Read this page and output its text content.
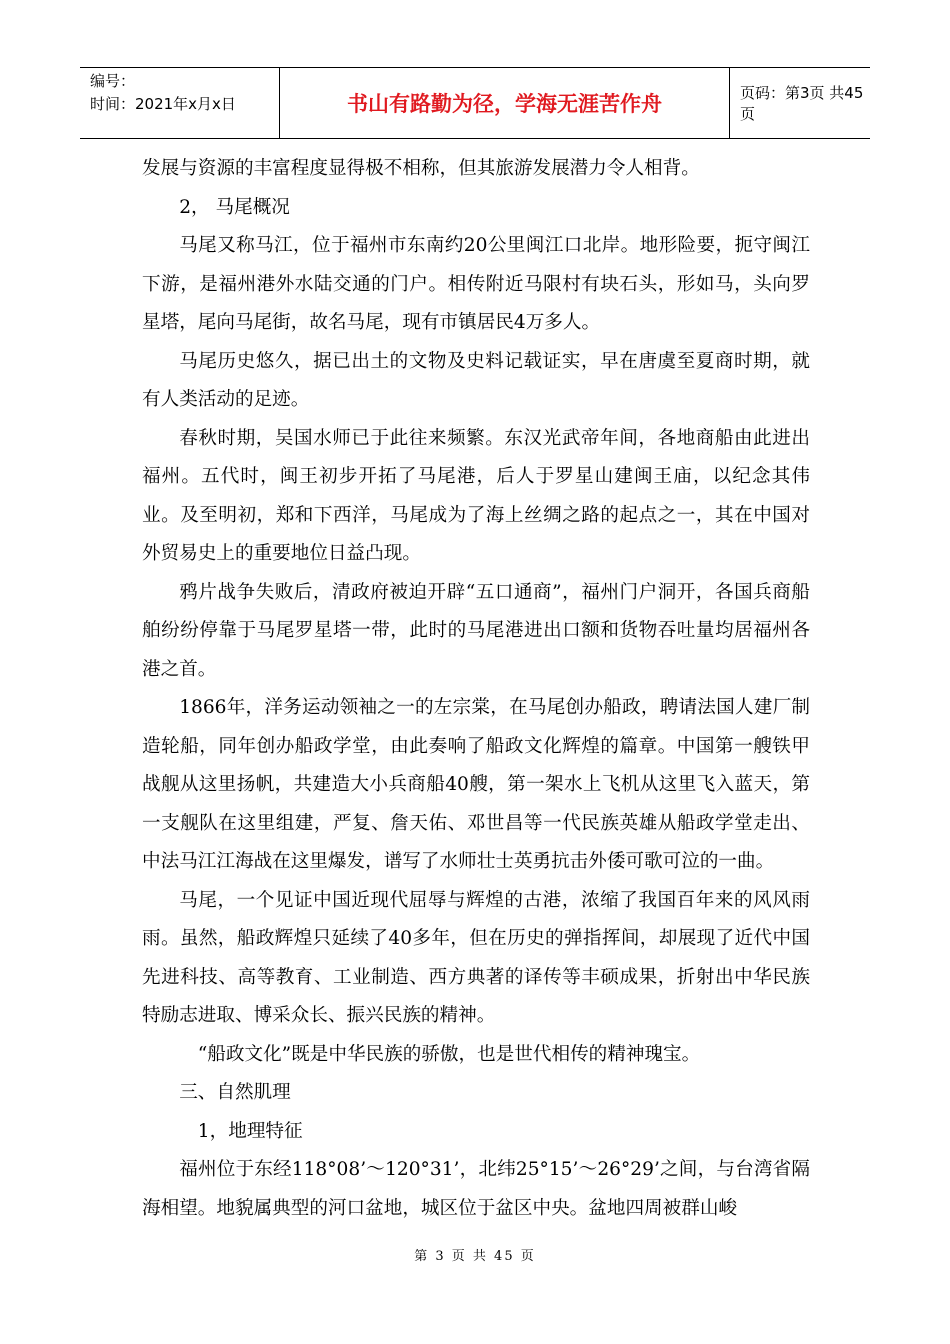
编号：
时间：2021年x月x日	书山有路勤为径，学海无涯苦作舟	页码：第3页 共45页

发展与资源的丰富程度显得极不相称，但其旅游发展潜力令人相背。

2， 马尾概况

马尾又称马江，位于福州市东南约20公里闽江口北岸。地形险要，扼守闽江下游，是福州港外水陆交通的门户。相传附近马限村有块石头，形如马，头向罗星塔，尾向马尾街，故名马尾，现有市镇居民4万多人。

马尾历史悠久，据已出土的文物及史料记载证实，早在唐虞至夏商时期，就有人类活动的足迹。

春秋时期，吴国水师已于此往来频繁。东汉光武帝年间，各地商船由此进出福州。五代时，闽王初步开拓了马尾港，后人于罗星山建闽王庙，以纪念其伟业。及至明初，郑和下西洋，马尾成为了海上丝绸之路的起点之一，其在中国对外贸易史上的重要地位日益凸现。

鸦片战争失败后，清政府被迫开辟“五口通商”，福州门户洞开，各国兵商船舶纷纷停靠于马尾罗星塔一带，此时的马尾港进出口额和货物吞吐量均居福州各港之首。

1866年，洋务运动领袖之一的左宗棠，在马尾创办船政，聘请法国人建厂制造轮船，同年创办船政学堂，由此奏响了船政文化辉煌的篇章。中国第一艘铁甲战舰从这里扬帆，共建造大小兵商船40艘，第一架水上飞机从这里飞入蓝天，第一支舰队在这里组建，严复、詹天佑、邓世昌等一代民族英雄从船政学堂走出、中法马江江海战在这里爆发，谱写了水师壮士英勇抗击外倭可歌可泣的一曲。

马尾，一个见证中国近现代屈辱与辉煌的古港，浓缩了我国百年来的风风雨雨。虽然，船政辉煌只延续了40多年，但在历史的弹指挥间，却展现了近代中国先进科技、高等教育、工业制造、西方典著的译传等丰硕成果，折射出中华民族特励志进取、博采众长、振兴民族的精神。

“船政文化”既是中华民族的骄傲，也是世代相传的精神瑰宝。

三、自然肌理

1，地理特征

福州位于东经118°08’～120°31’，北纬25°15’～26°29’之间，与台湾省隔海相望。地貌属典型的河口盆地，城区位于盆区中央。盆地四周被群山峻

第 3 页 共 45 页
